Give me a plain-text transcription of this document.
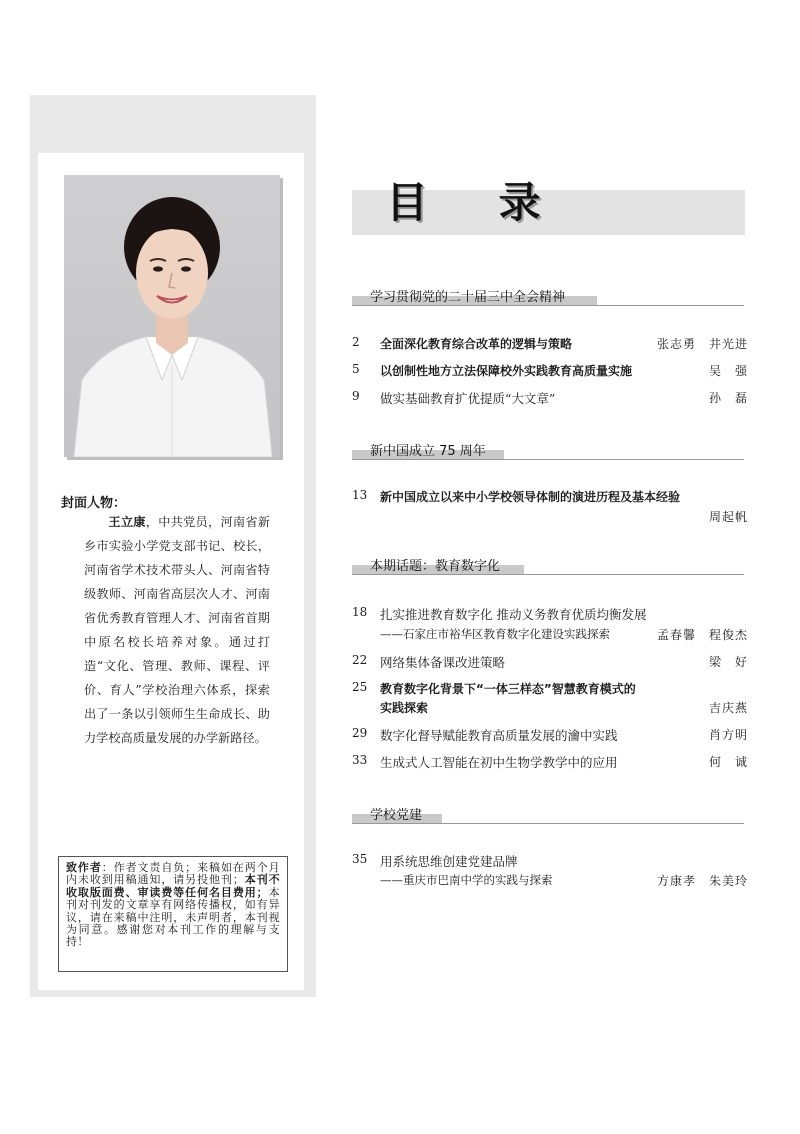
封面人物：

王立康，中共党员，河南省新乡市实验小学党支部书记、校长，河南省学术技术带头人、河南省特级教师、河南省高层次人才、河南省优秀教育管理人才、河南省首期中原名校长培养对象。通过打造“文化、管理、教师、课程、评价、育人”学校治理六体系，探索出了一条以引领师生生命成长、助力学校高质量发展的办学新路径。

致作者：作者文责自负；来稿如在两个月内未收到用稿通知，请另投他刊；本刊不收取版面费、审读费等任何名目费用；本刊对刊发的文章享有网络传播权，如有异议，请在来稿中注明，未声明者，本刊视为同意。感谢您对本刊工作的理解与支持！
目 录
学习贯彻党的二十届三中全会精神
2 全面深化教育综合改革的逻辑与策略	张志勇　井光进
5 以创制性地方立法保障校外实践教育高质量实施	吴　强
9 做实基础教育扩优提质“大文章”	孙　磊
新中国成立 75 周年
13 新中国成立以来中小学校领导体制的演进历程及基本经验
周起帆
本期话题：教育数字化
18 扎实推进教育数字化 推动义务教育优质均衡发展
——石家庄市裕华区教育数字化建设实践探索	孟春馨　程俊杰
22 网络集体备课改进策略	梁　好
25 教育数字化背景下“一体三样态”智慧教育模式的
实践探索	吉庆燕
29 数字化督导赋能教育高质量发展的瀹中实践	肖方明
33 生成式人工智能在初中生物学教学中的应用	何　诚
学校党建
35 用系统思维创建党建品牌
——重庆市巴南中学的实践与探索	方康孝　朱美玲
